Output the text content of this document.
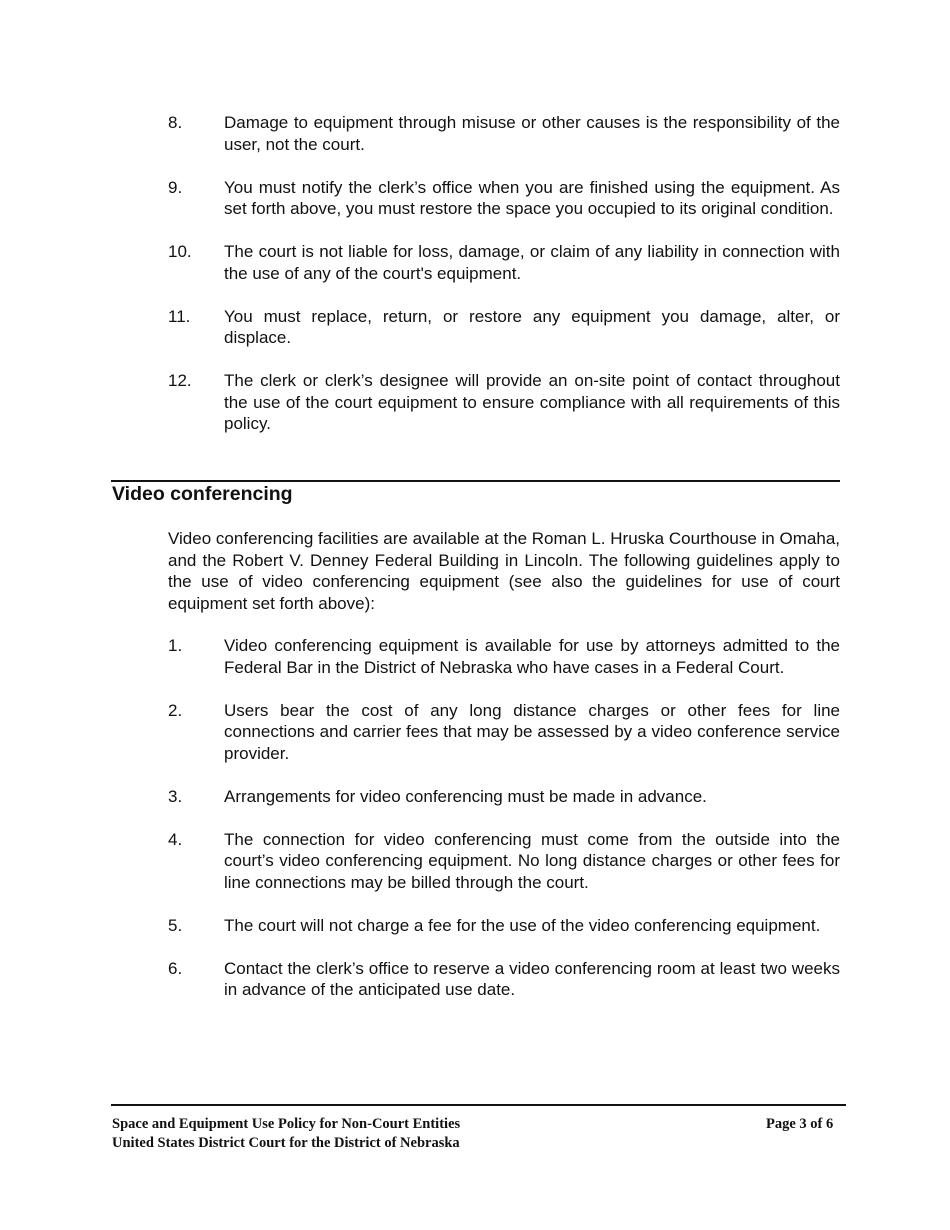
8.	Damage to equipment through misuse or other causes is the responsibility of the user, not the court.
9.	You must notify the clerk’s office when you are finished using the equipment. As set forth above, you must restore the space you occupied to its original condition.
10.	The court is not liable for loss, damage, or claim of any liability in connection with the use of any of the court's equipment.
11.	You must replace, return, or restore any equipment you damage, alter, or displace.
12.	The clerk or clerk’s designee will provide an on-site point of contact throughout the use of the court equipment to ensure compliance with all requirements of this policy.
Video conferencing
Video conferencing facilities are available at the Roman L. Hruska Courthouse in Omaha, and the Robert V. Denney Federal Building in Lincoln. The following guidelines apply to the use of video conferencing equipment (see also the guidelines for use of court equipment set forth above):
1.	Video conferencing equipment is available for use by attorneys admitted to the Federal Bar in the District of Nebraska who have cases in a Federal Court.
2.	Users bear the cost of any long distance charges or other fees for line connections and carrier fees that may be assessed by a video conference service provider.
3.	Arrangements for video conferencing must be made in advance.
4.	The connection for video conferencing must come from the outside into the court’s video conferencing equipment. No long distance charges or other fees for line connections may be billed through the court.
5.	The court will not charge a fee for the use of the video conferencing equipment.
6.	Contact the clerk’s office to reserve a video conferencing room at least two weeks in advance of the anticipated use date.
Space and Equipment Use Policy for Non-Court Entities
United States District Court for the District of Nebraska
Page 3 of 6
